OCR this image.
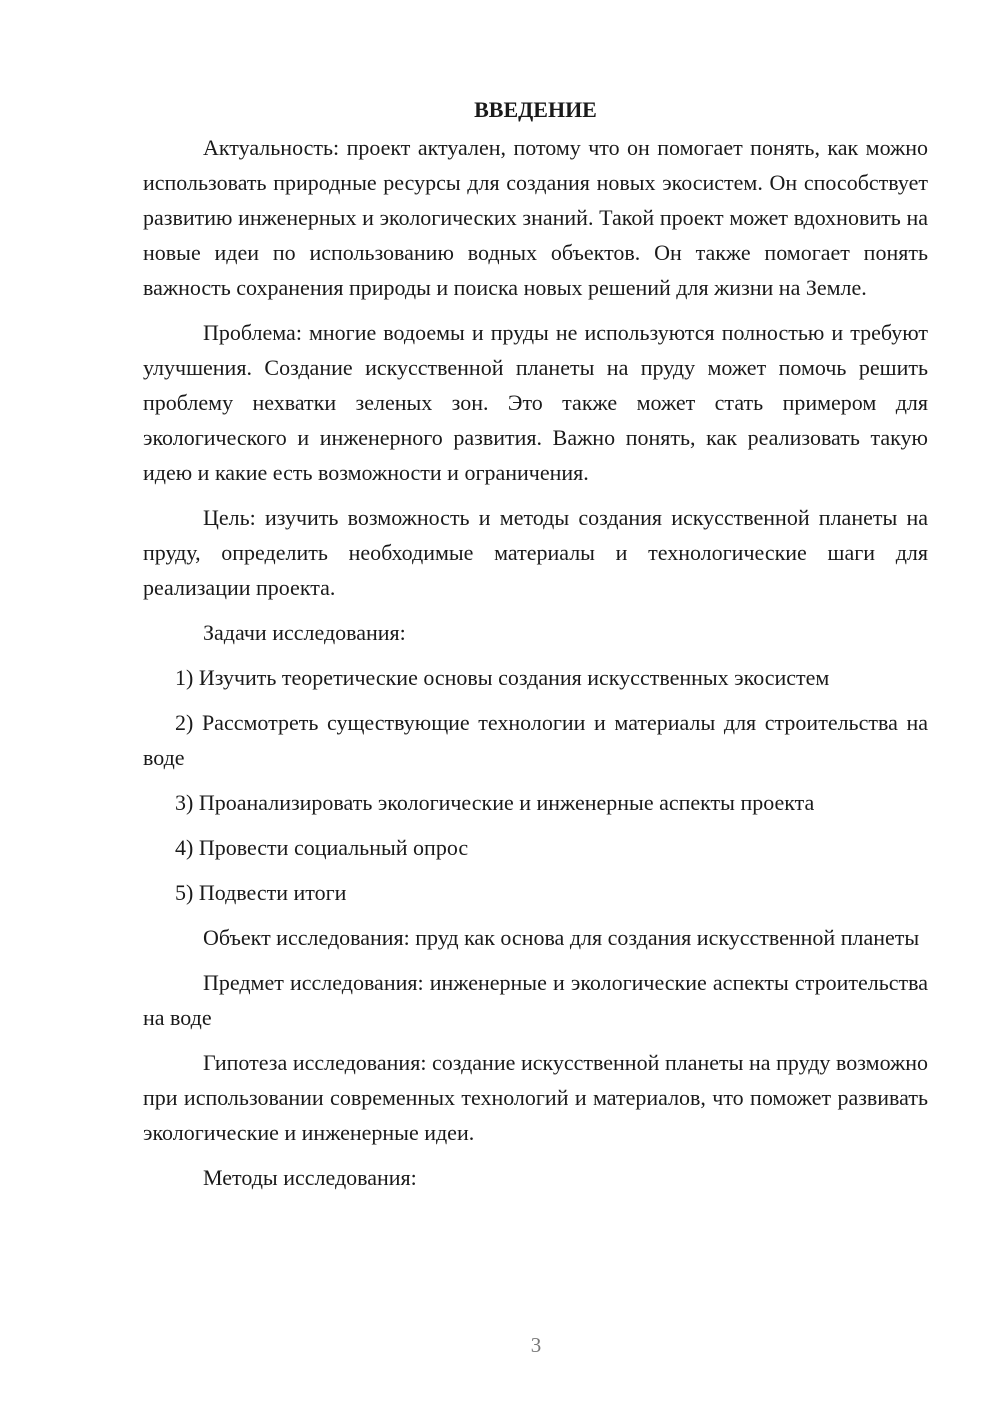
ВВЕДЕНИЕ

Актуальность: проект актуален, потому что он помогает понять, как можно использовать природные ресурсы для создания новых экосистем. Он способствует развитию инженерных и экологических знаний. Такой проект может вдохновить на новые идеи по использованию водных объектов. Он также помогает понять важность сохранения природы и поиска новых решений для жизни на Земле.

Проблема: многие водоемы и пруды не используются полностью и требуют улучшения. Создание искусственной планеты на пруду может помочь решить проблему нехватки зеленых зон. Это также может стать примером для экологического и инженерного развития. Важно понять, как реализовать такую идею и какие есть возможности и ограничения.

Цель: изучить возможность и методы создания искусственной планеты на пруду, определить необходимые материалы и технологические шаги для реализации проекта.

Задачи исследования:

1) Изучить теоретические основы создания искусственных экосистем

2) Рассмотреть существующие технологии и материалы для строительства на воде

3) Проанализировать экологические и инженерные аспекты проекта

4) Провести социальный опрос

5) Подвести итоги

Объект исследования: пруд как основа для создания искусственной планеты

Предмет исследования: инженерные и экологические аспекты строительства на воде

Гипотеза исследования: создание искусственной планеты на пруду возможно при использовании современных технологий и материалов, что поможет развивать экологические и инженерные идеи.

Методы исследования:

3
